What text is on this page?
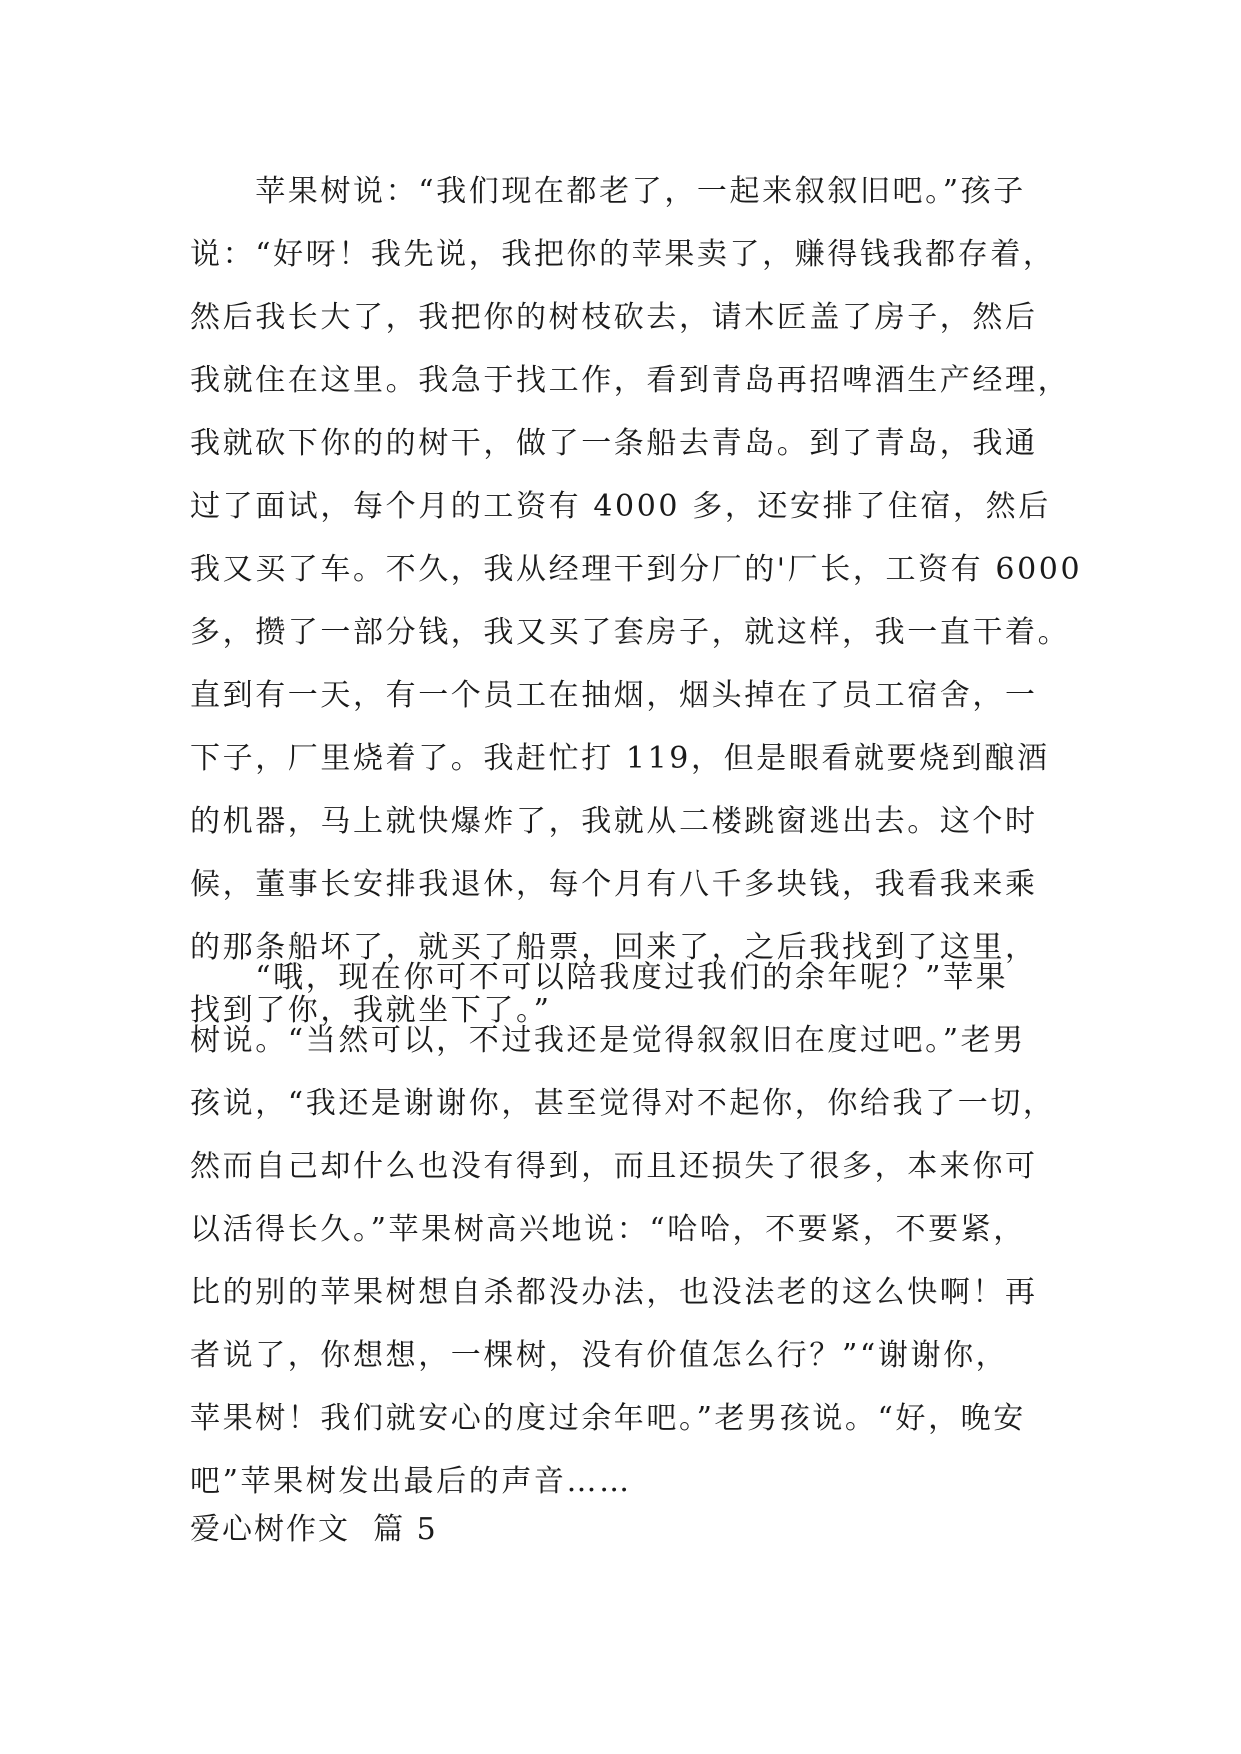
　　苹果树说：“我们现在都老了，一起来叙叙旧吧。”孩子
说：“好呀！我先说，我把你的苹果卖了，赚得钱我都存着，
然后我长大了，我把你的树枝砍去，请木匠盖了房子，然后
我就住在这里。我急于找工作，看到青岛再招啤酒生产经理，
我就砍下你的的树干，做了一条船去青岛。到了青岛，我通
过了面试，每个月的工资有 4000 多，还安排了住宿，然后
我又买了车。不久，我从经理干到分厂的'厂长，工资有 6000
多，攒了一部分钱，我又买了套房子，就这样，我一直干着。
直到有一天，有一个员工在抽烟，烟头掉在了员工宿舍，一
下子，厂里烧着了。我赶忙打 119，但是眼看就要烧到酿酒
的机器，马上就快爆炸了，我就从二楼跳窗逃出去。这个时
候，董事长安排我退休，每个月有八千多块钱，我看我来乘
的那条船坏了，就买了船票，回来了，之后我找到了这里，
找到了你，我就坐下了。”
　　“哦，现在你可不可以陪我度过我们的余年呢？”苹果
树说。“当然可以，不过我还是觉得叙叙旧在度过吧。”老男
孩说，“我还是谢谢你，甚至觉得对不起你，你给我了一切，
然而自己却什么也没有得到，而且还损失了很多，本来你可
以活得长久。”苹果树高兴地说：“哈哈，不要紧，不要紧，
比的别的苹果树想自杀都没办法，也没法老的这么快啊！再
者说了，你想想，一棵树，没有价值怎么行？”“谢谢你，
苹果树！我们就安心的度过余年吧。”老男孩说。“好，晚安
吧”苹果树发出最后的声音……
爱心树作文  篇 5
